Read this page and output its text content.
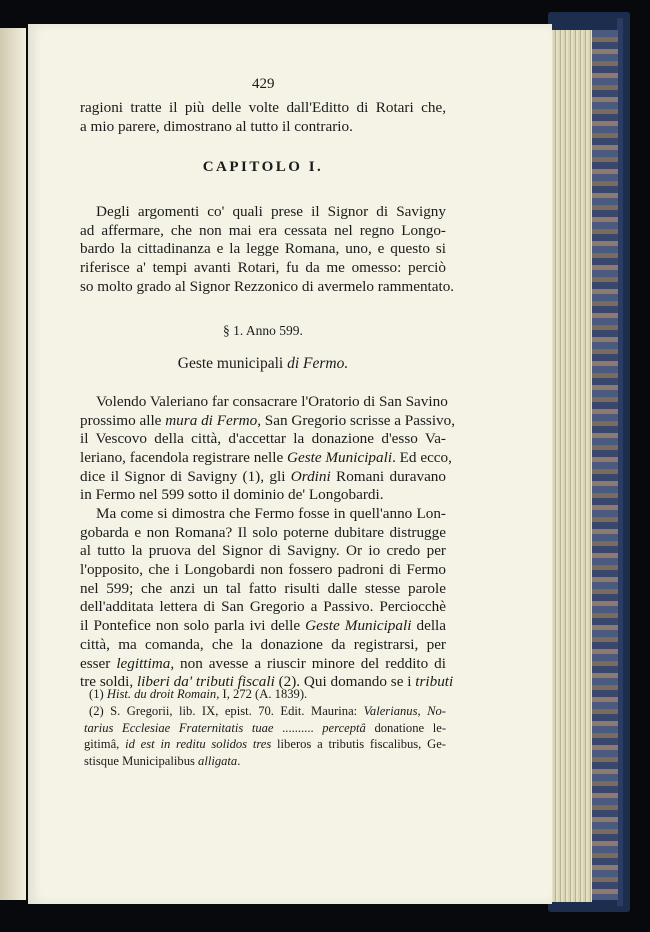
429
ragioni tratte il più delle volte dall'Editto di Rotari che,
a mio parere, dimostrano al tutto il contrario.
CAPITOLO I.
Degli argomenti co' quali prese il Signor di Savigny
ad affermare, che non mai era cessata nel regno Longo-
bardo la cittadinanza e la legge Romana, uno, e questo si
riferisce a' tempi avanti Rotari, fu da me omesso: perciò
so molto grado al Signor Rezzonico di avermelo rammentato.
§ 1. Anno 599.
Geste municipali di Fermo.
Volendo Valeriano far consacrare l'Oratorio di San Savino
prossimo alle mura di Fermo, San Gregorio scrisse a Passivo,
il Vescovo della città, d'accettar la donazione d'esso Va-
leriano, facendola registrare nelle Geste Municipali. Ed ecco,
dice il Signor di Savigny (1), gli Ordini Romani duravano
in Fermo nel 599 sotto il dominio de' Longobardi.
Ma come si dimostra che Fermo fosse in quell'anno Lon-
gobarda e non Romana? Il solo poterne dubitare distrugge
al tutto la pruova del Signor di Savigny. Or io credo per
l'opposito, che i Longobardi non fossero padroni di Fermo
nel 599; che anzi un tal fatto risulti dalle stesse parole
dell'additata lettera di San Gregorio a Passivo. Perciocchè
il Pontefice non solo parla ivi delle Geste Municipali della
città, ma comanda, che la donazione da registrarsi, per
esser legittima, non avesse a riuscir minore del reddito di
tre soldi, liberi da' tributi fiscali (2). Qui domando se i tributi
(1) Hist. du droit Romain, I, 272 (A. 1839).
(2) S. Gregorii, lib. IX, epist. 70. Edit. Maurina: Valerianus, No-
tarius Ecclesiae Fraternitatis tuae .......... perceptâ donatione le-
gitimâ, id est in reditu solidos tres liberos a tributis fiscalibus, Ge-
stisque Municipalibus alligata.
